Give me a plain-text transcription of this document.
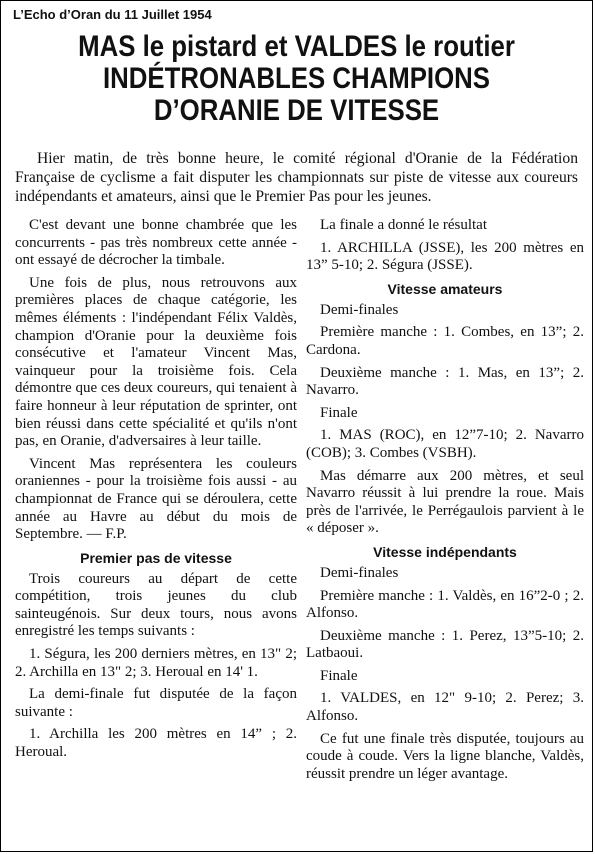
L’Echo d’Oran du 11 Juillet 1954
MAS le pistard et VALDES le routier
INDÉTRONABLES CHAMPIONS
D’ORANIE DE VITESSE
Hier matin, de très bonne heure, le comité régional d'Oranie de la Fédération Française de cyclisme a fait disputer les championnats sur piste de vitesse aux coureurs indépendants et amateurs, ainsi que le Premier Pas pour les jeunes.

C'est devant une bonne chambrée que les concurrents - pas très nombreux cette année - ont essayé de décrocher la timbale.

Une fois de plus, nous retrouvons aux premières places de chaque catégorie, les mêmes éléments : l'indépendant Félix Valdès, champion d'Oranie pour la deuxième fois consécutive et l'amateur Vincent Mas, vainqueur pour la troisième fois. Cela démontre que ces deux coureurs, qui tenaient à faire honneur à leur réputation de sprinter, ont bien réussi dans cette spécialité et qu'ils n'ont pas, en Oranie, d'adversaires à leur taille.

Vincent Mas représentera les couleurs oraniennes - pour la troisième fois aussi - au championnat de France qui se déroulera, cette année au Havre au début du mois de Septembre. — F.P.

Premier pas de vitesse

Trois coureurs au départ de cette compétition, trois jeunes du club sainteugénois. Sur deux tours, nous avons enregistré les temps suivants :

1. Ségura, les 200 derniers mètres, en 13" 2; 2. Archilla en 13" 2; 3. Heroual en 14' 1.

La demi-finale fut disputée de la façon suivante :

1. Archilla les 200 mètres en 14” ; 2. Heroual.

La finale a donné le résultat

1. ARCHILLA (JSSE), les 200 mètres en 13” 5-10; 2. Ségura (JSSE).

Vitesse amateurs

Demi-finales

Première manche : 1. Combes, en 13”; 2. Cardona.

Deuxième manche : 1. Mas, en 13”; 2. Navarro.

Finale

1. MAS (ROC), en 12”7-10; 2. Navarro (COB); 3. Combes (VSBH).

Mas démarre aux 200 mètres, et seul Navarro réussit à lui prendre la roue. Mais près de l'arrivée, le Perrégaulois parvient à le « déposer ».

Vitesse indépendants

Demi-finales

Première manche : 1. Valdès, en 16”2-0 ; 2. Alfonso.

Deuxième manche : 1. Perez, 13”5-10; 2. Latbaoui.

Finale

1. VALDES, en 12" 9-10; 2. Perez; 3. Alfonso.

Ce fut une finale très disputée, toujours au coude à coude. Vers la ligne blanche, Valdès, réussit prendre un léger avantage.
